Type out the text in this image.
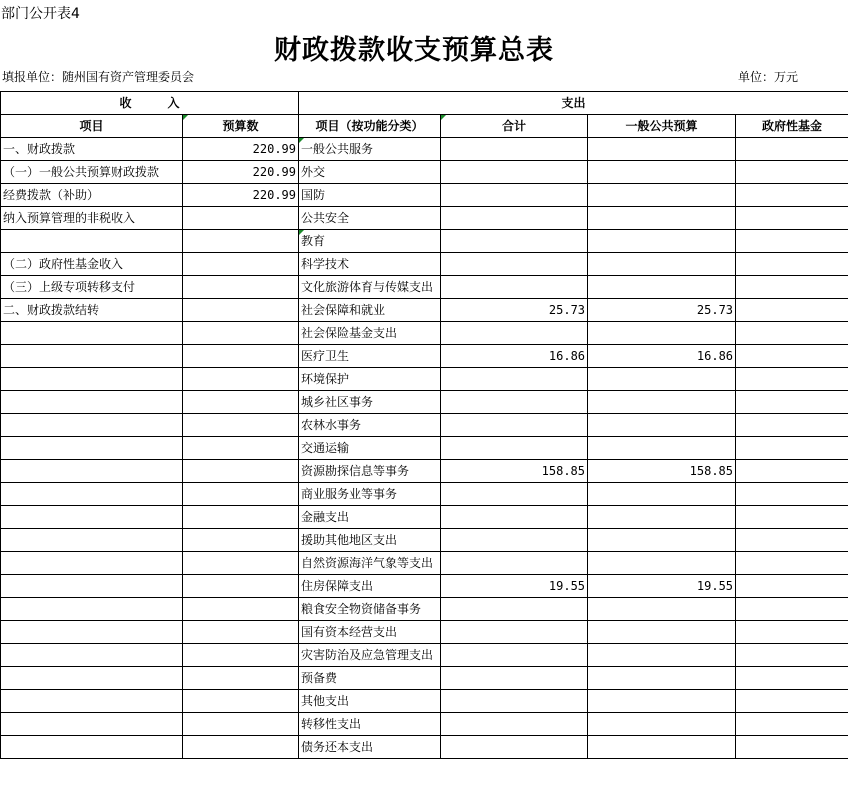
部门公开表4
财政拨款收支预算总表
填报单位：随州国有资产管理委员会	单位：万元
收　　　入		支出			
项目	预算数	项目（按功能分类）	合计	一般公共预算	政府性基金
一、财政拨款	220.99	一般公共服务			
（一）一般公共预算财政拨款	220.99	外交			
经费拨款（补助）	220.99	国防			
纳入预算管理的非税收入		公共安全			
		教育			
（二）政府性基金收入		科学技术			
（三）上级专项转移支付		文化旅游体育与传媒支出			
二、财政拨款结转		社会保障和就业	25.73	25.73	
		社会保险基金支出			
		医疗卫生	16.86	16.86	
		环境保护			
		城乡社区事务			
		农林水事务			
		交通运输			
		资源勘探信息等事务	158.85	158.85	
		商业服务业等事务			
		金融支出			
		援助其他地区支出			
		自然资源海洋气象等支出			
		住房保障支出	19.55	19.55	
		粮食安全物资储备事务			
		国有资本经营支出			
		灾害防治及应急管理支出			
		预备费			
		其他支出			
		转移性支出			
		债务还本支出			
